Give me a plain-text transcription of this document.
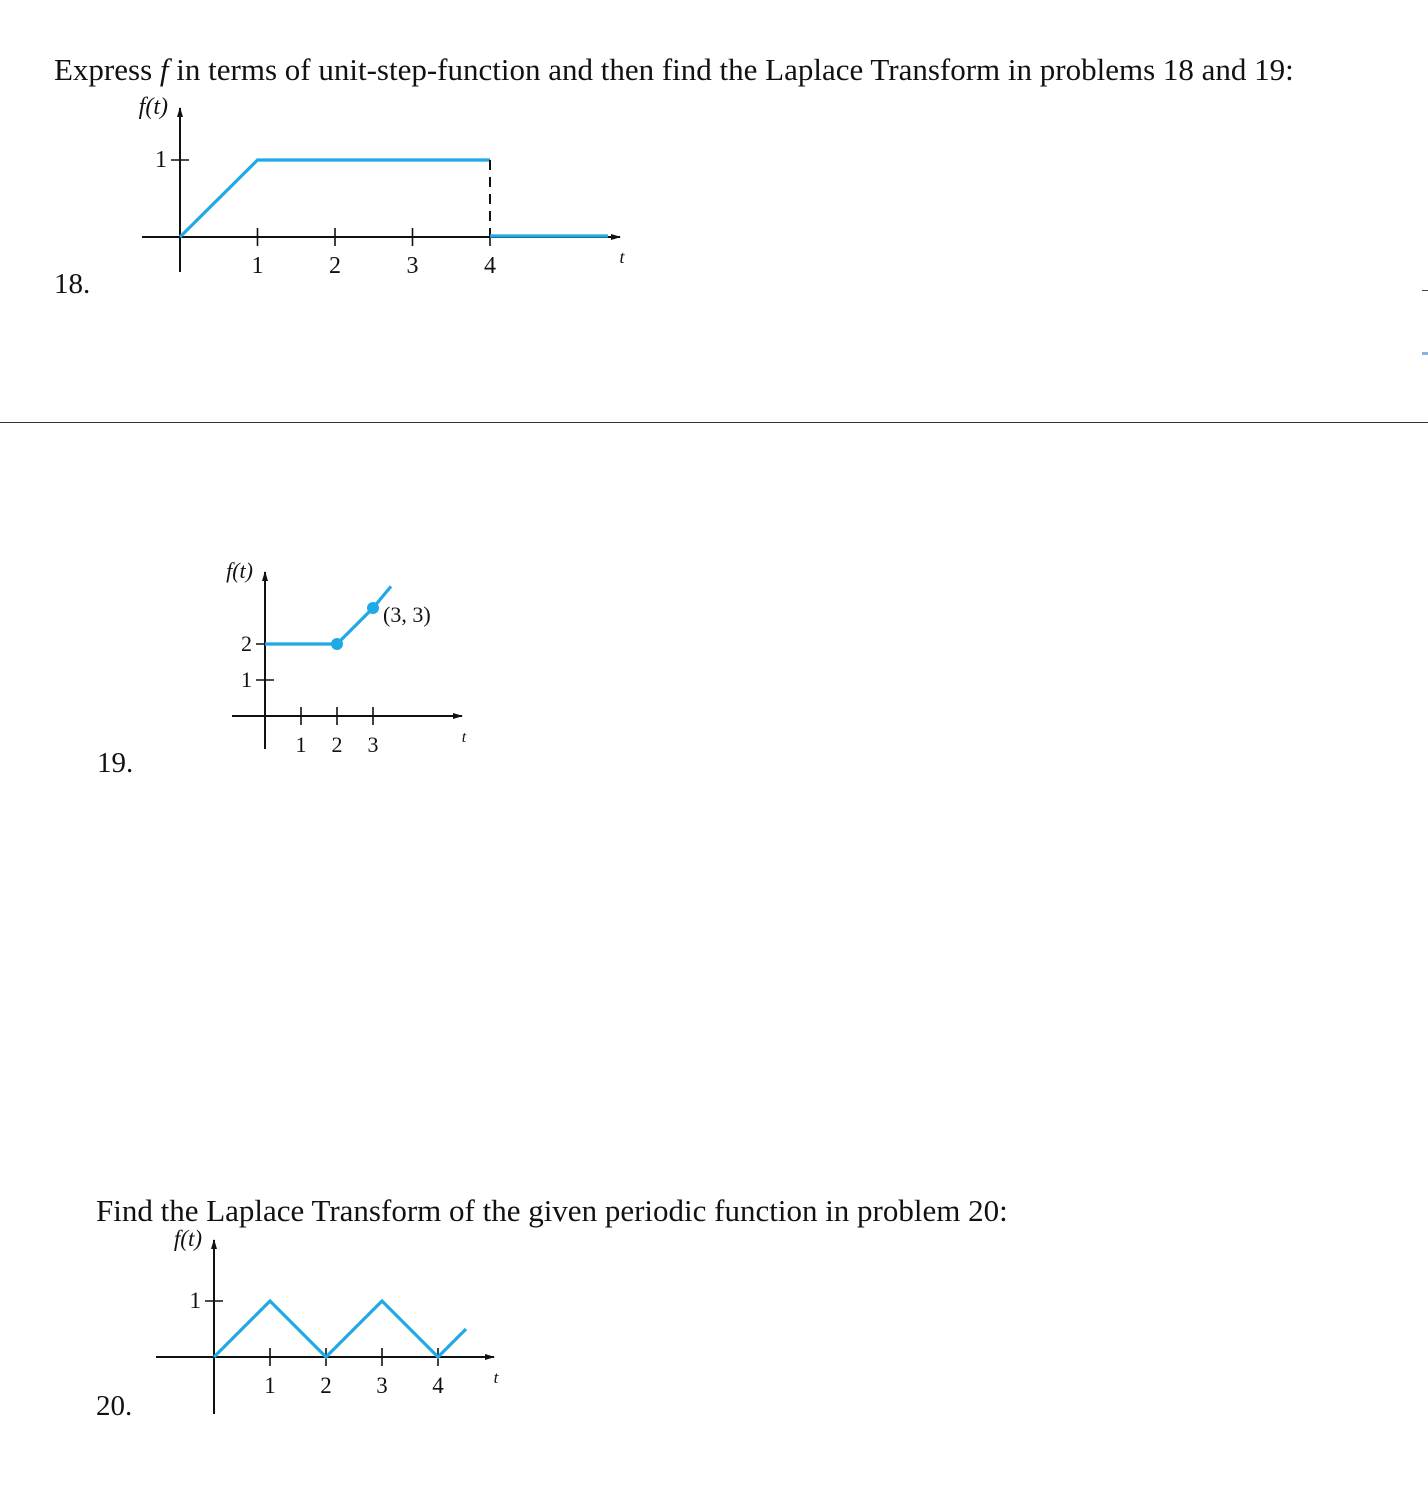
Express f in terms of unit-step-function and then find the Laplace Transform in problems 18 and 19:
18.
19.
20.
Find the Laplace Transform of the given periodic function in problem 20:
1	2	3	4
1
f(t)
t
1 2 3
1
2
f(t)
t
(3, 3)
1 2 3 4
1
f(t)
t
